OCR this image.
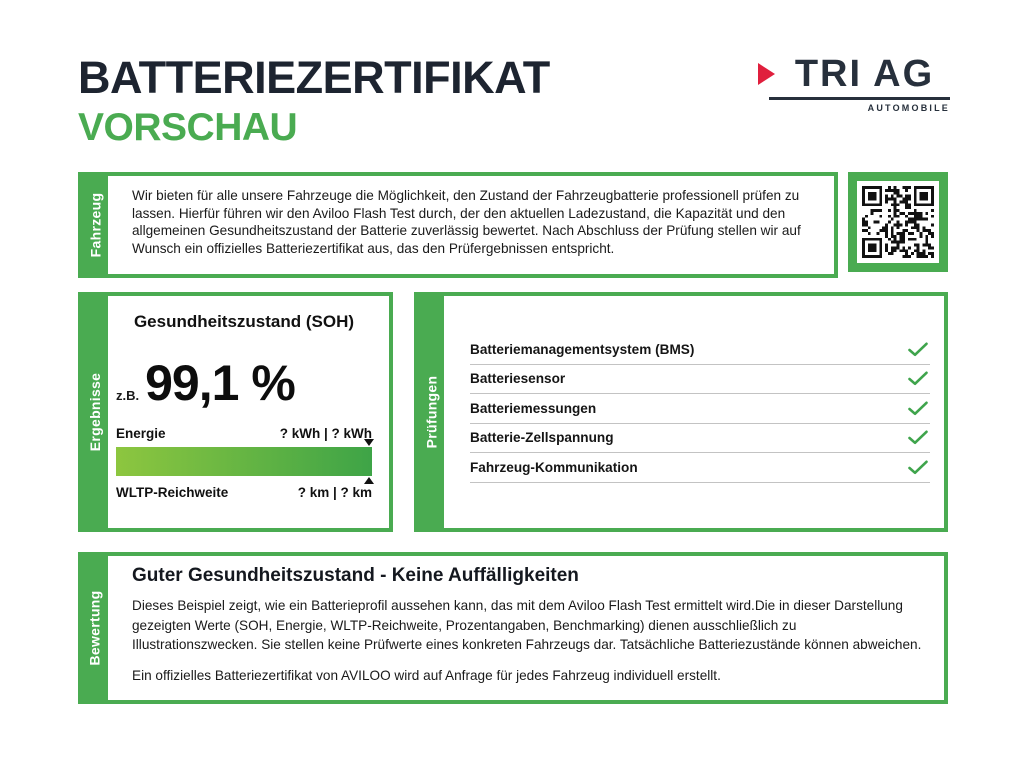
BATTERIEZERTIFIKAT
VORSCHAU
TRI AG
AUTOMOBILE
Fahrzeug Wir bieten für alle unsere Fahrzeuge die Möglichkeit, den Zustand der Fahrzeugbatterie professionell prüfen zu lassen. Hierfür führen wir den Aviloo Flash Test durch, der den aktuellen Ladezustand, die Kapazität und den allgemeinen Gesundheitszustand der Batterie zuverlässig bewertet. Nach Abschluss der Prüfung stellen wir auf Wunsch ein offizielles Batteriezertifikat aus, das den Prüfergebnissen entspricht.
Ergebnisse
Gesundheitszustand (SOH)
z.B. 99,1 %
Energie	? kWh | ? kWh
WLTP-Reichweite	? km | ? km
Prüfungen
Batteriemanagementsystem (BMS)
Batteriesensor
Batteriemessungen
Batterie-Zellspannung
Fahrzeug-Kommunikation
Bewertung
Guter Gesundheitszustand - Keine Auffälligkeiten
Dieses Beispiel zeigt, wie ein Batterieprofil aussehen kann, das mit dem Aviloo Flash Test ermittelt wird.Die in dieser Darstellung gezeigten Werte (SOH, Energie, WLTP-Reichweite, Prozentangaben, Benchmarking) dienen ausschließlich zu Illustrationszwecken. Sie stellen keine Prüfwerte eines konkreten Fahrzeugs dar. Tatsächliche Batteriezustände können abweichen.
Ein offizielles Batteriezertifikat von AVILOO wird auf Anfrage für jedes Fahrzeug individuell erstellt.
